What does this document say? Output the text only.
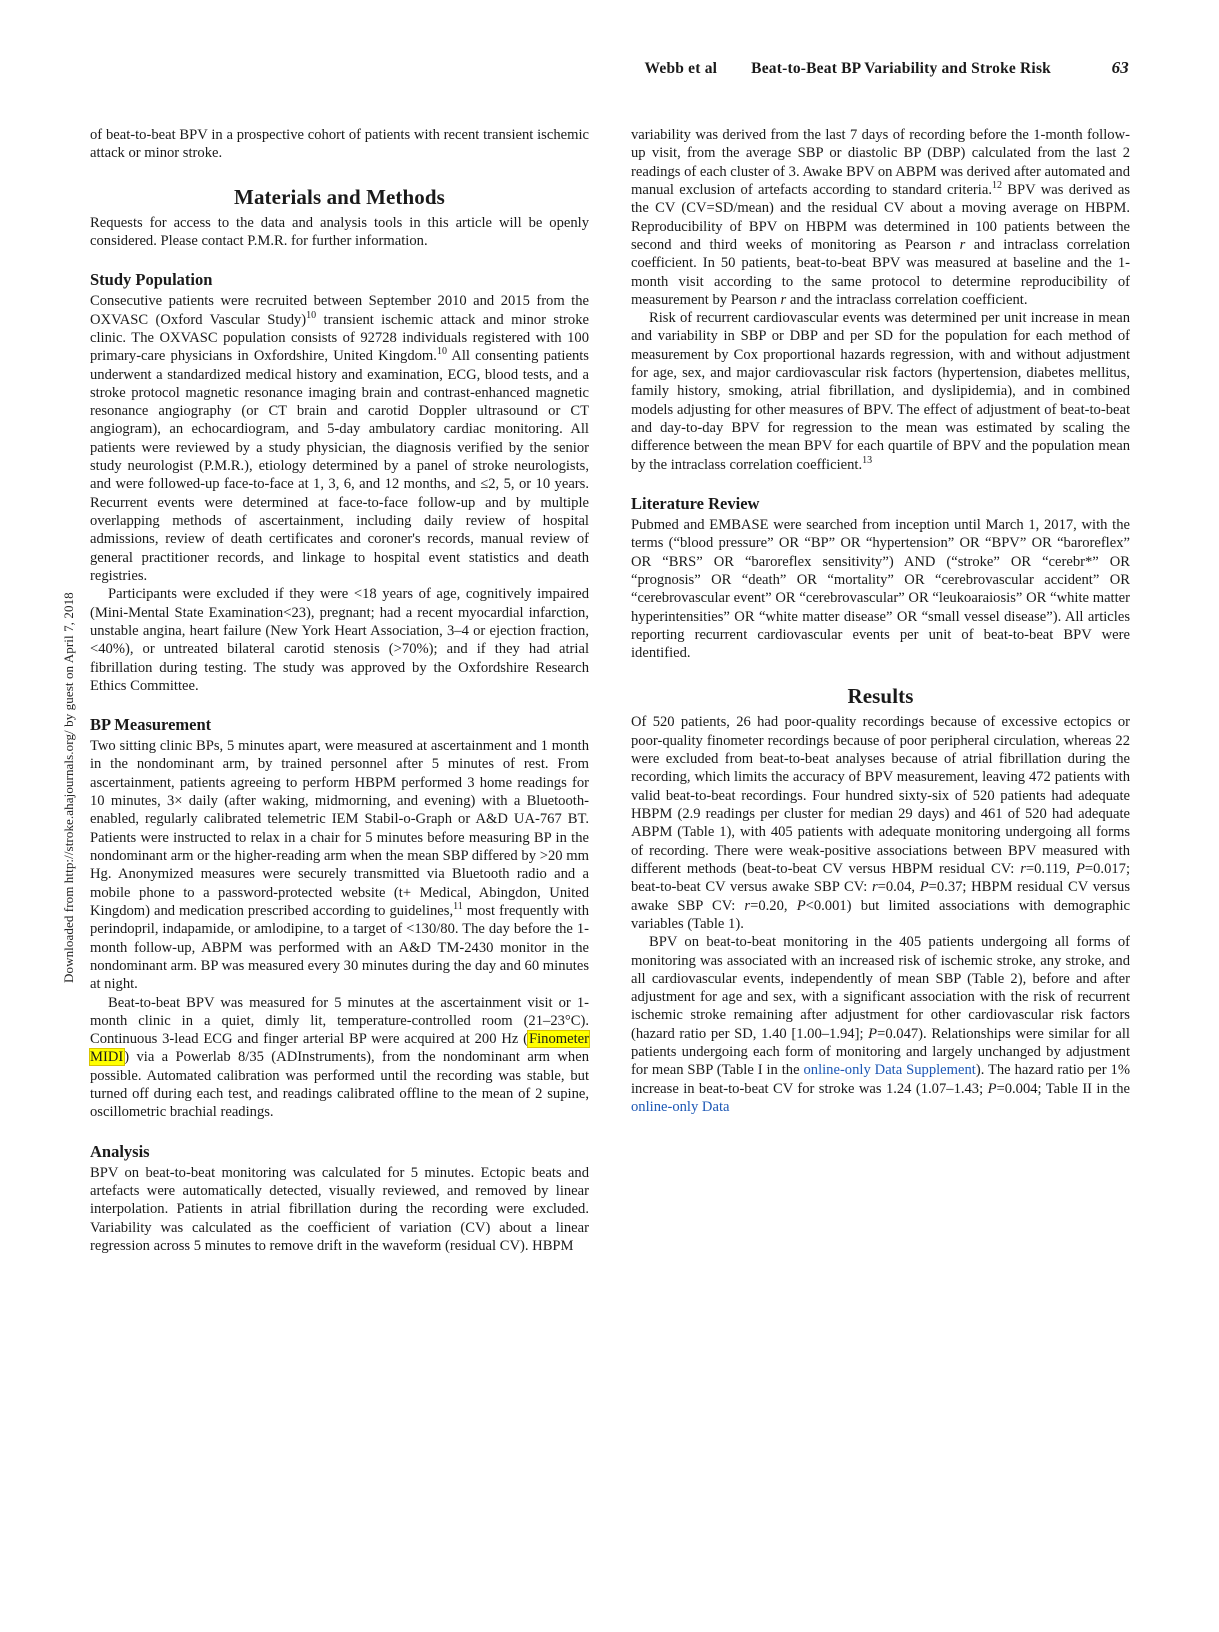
Webb et al Beat-to-Beat BP Variability and Stroke Risk	63
Downloaded from http://stroke.ahajournals.org/ by guest on April 7, 2018

of beat-to-beat BPV in a prospective cohort of patients with recent transient ischemic attack or minor stroke.

Materials and Methods

Requests for access to the data and analysis tools in this article will be openly considered. Please contact P.M.R. for further information.

Study Population

Consecutive patients were recruited between September 2010 and 2015 from the OXVASC (Oxford Vascular Study)$^{10}$ transient ischemic attack and minor stroke clinic. The OXVASC population consists of 92728 individuals registered with 100 primary-care physicians in Oxfordshire, United Kingdom.$^{10}$ All consenting patients underwent a standardized medical history and examination, ECG, blood tests, and a stroke protocol magnetic resonance imaging brain and contrast-enhanced magnetic resonance angiography (or CT brain and carotid Doppler ultrasound or CT angiogram), an echocardiogram, and 5-day ambulatory cardiac monitoring. All patients were reviewed by a study physician, the diagnosis verified by the senior study neurologist (P.M.R.), etiology determined by a panel of stroke neurologists, and were followed-up face-to-face at 1, 3, 6, and 12 months, and ≤2, 5, or 10 years. Recurrent events were determined at face-to-face follow-up and by multiple overlapping methods of ascertainment, including daily review of hospital admissions, review of death certificates and coroner's records, manual review of general practitioner records, and linkage to hospital event statistics and death registries.

Participants were excluded if they were <18 years of age, cognitively impaired (Mini-Mental State Examination<23), pregnant; had a recent myocardial infarction, unstable angina, heart failure (New York Heart Association, 3–4 or ejection fraction, <40%), or untreated bilateral carotid stenosis (>70%); and if they had atrial fibrillation during testing. The study was approved by the Oxfordshire Research Ethics Committee.

BP Measurement

Two sitting clinic BPs, 5 minutes apart, were measured at ascertainment and 1 month in the nondominant arm, by trained personnel after 5 minutes of rest. From ascertainment, patients agreeing to perform HBPM performed 3 home readings for 10 minutes, 3× daily (after waking, midmorning, and evening) with a Bluetooth-enabled, regularly calibrated telemetric IEM Stabil-o-Graph or A&D UA-767 BT. Patients were instructed to relax in a chair for 5 minutes before measuring BP in the nondominant arm or the higher-reading arm when the mean SBP differed by >20 mm Hg. Anonymized measures were securely transmitted via Bluetooth radio and a mobile phone to a password-protected website (t+ Medical, Abingdon, United Kingdom) and medication prescribed according to guidelines,$^{11}$ most frequently with perindopril, indapamide, or amlodipine, to a target of <130/80. The day before the 1-month follow-up, ABPM was performed with an A&D TM-2430 monitor in the nondominant arm. BP was measured every 30 minutes during the day and 60 minutes at night.

Beat-to-beat BPV was measured for 5 minutes at the ascertainment visit or 1-month clinic in a quiet, dimly lit, temperature-controlled room (21–23°C). Continuous 3-lead ECG and finger arterial BP were acquired at 200 Hz (Finometer MIDI) via a Powerlab 8/35 (ADInstruments), from the nondominant arm when possible. Automated calibration was performed until the recording was stable, but turned off during each test, and readings calibrated offline to the mean of 2 supine, oscillometric brachial readings.

Analysis

BPV on beat-to-beat monitoring was calculated for 5 minutes. Ectopic beats and artefacts were automatically detected, visually reviewed, and removed by linear interpolation. Patients in atrial fibrillation during the recording were excluded. Variability was calculated as the coefficient of variation (CV) about a linear regression across 5 minutes to remove drift in the waveform (residual CV). HBPM

variability was derived from the last 7 days of recording before the 1-month follow-up visit, from the average SBP or diastolic BP (DBP) calculated from the last 2 readings of each cluster of 3. Awake BPV on ABPM was derived after automated and manual exclusion of artefacts according to standard criteria.$^{12}$ BPV was derived as the CV (CV=SD/mean) and the residual CV about a moving average on HBPM. Reproducibility of BPV on HBPM was determined in 100 patients between the second and third weeks of monitoring as Pearson r and intraclass correlation coefficient. In 50 patients, beat-to-beat BPV was measured at baseline and the 1-month visit according to the same protocol to determine reproducibility of measurement by Pearson r and the intraclass correlation coefficient.

Risk of recurrent cardiovascular events was determined per unit increase in mean and variability in SBP or DBP and per SD for the population for each method of measurement by Cox proportional hazards regression, with and without adjustment for age, sex, and major cardiovascular risk factors (hypertension, diabetes mellitus, family history, smoking, atrial fibrillation, and dyslipidemia), and in combined models adjusting for other measures of BPV. The effect of adjustment of beat-to-beat and day-to-day BPV for regression to the mean was estimated by scaling the difference between the mean BPV for each quartile of BPV and the population mean by the intraclass correlation coefficient.$^{13}$

Literature Review

Pubmed and EMBASE were searched from inception until March 1, 2017, with the terms (“blood pressure” OR “BP” OR “hypertension” OR “BPV” OR “baroreflex” OR “BRS” OR “baroreflex sensitivity”) AND (“stroke” OR “cerebr*” OR “prognosis” OR “death” OR “mortality” OR “cerebrovascular accident” OR “cerebrovascular event” OR “cerebrovascular” OR “leukoaraiosis” OR “white matter hyperintensities” OR “white matter disease” OR “small vessel disease”). All articles reporting recurrent cardiovascular events per unit of beat-to-beat BPV were identified.

Results

Of 520 patients, 26 had poor-quality recordings because of excessive ectopics or poor-quality finometer recordings because of poor peripheral circulation, whereas 22 were excluded from beat-to-beat analyses because of atrial fibrillation during the recording, which limits the accuracy of BPV measurement, leaving 472 patients with valid beat-to-beat recordings. Four hundred sixty-six of 520 patients had adequate HBPM (2.9 readings per cluster for median 29 days) and 461 of 520 had adequate ABPM (Table 1), with 405 patients with adequate monitoring undergoing all forms of recording. There were weak-positive associations between BPV measured with different methods (beat-to-beat CV versus HBPM residual CV: r=0.119, P=0.017; beat-to-beat CV versus awake SBP CV: r=0.04, P=0.37; HBPM residual CV versus awake SBP CV: r=0.20, P<0.001) but limited associations with demographic variables (Table 1).

BPV on beat-to-beat monitoring in the 405 patients undergoing all forms of monitoring was associated with an increased risk of ischemic stroke, any stroke, and all cardiovascular events, independently of mean SBP (Table 2), before and after adjustment for age and sex, with a significant association with the risk of recurrent ischemic stroke remaining after adjustment for other cardiovascular risk factors (hazard ratio per SD, 1.40 [1.00–1.94]; P=0.047). Relationships were similar for all patients undergoing each form of monitoring and largely unchanged by adjustment for mean SBP (Table I in the online-only Data Supplement). The hazard ratio per 1% increase in beat-to-beat CV for stroke was 1.24 (1.07–1.43; P=0.004; Table II in the online-only Data
